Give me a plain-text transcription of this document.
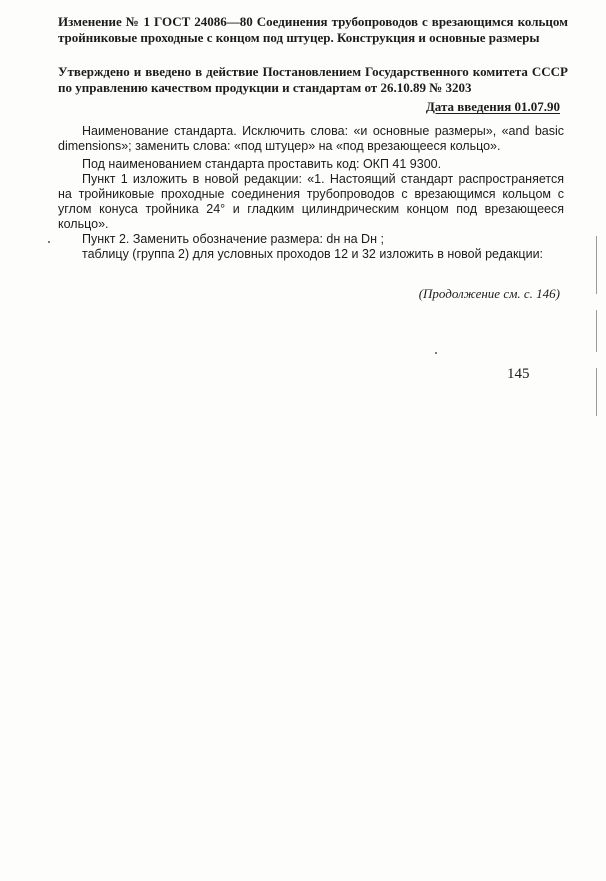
Изменение № 1 ГОСТ 24086—80 Соединения трубопроводов с врезающимся кольцом тройниковые проходные с концом под штуцер. Конструкция и основные размеры
Утверждено и введено в действие Постановлением Государственного комитета СССР по управлению качеством продукции и стандартам от 26.10.89 № 3203
Дата введения 01.07.90

Наименование стандарта. Исключить слова: «и основные размеры», «and basic dimensions»; заменить слова: «под штуцер» на «под врезающееся кольцо».

Под наименованием стандарта проставить код: ОКП 41 9300.

Пункт 1 изложить в новой редакции: «1. Настоящий стандарт распространяется на тройниковые проходные соединения трубопроводов с врезающимся кольцом с углом конуса тройника 24° и гладким цилиндрическим концом под врезающееся кольцо».

Пункт 2. Заменить обозначение размера: dн на Dн ;

таблицу (группа 2) для условных проходов 12 и 32 изложить в новой редакции:

(Продолжение см. с. 146)
145
